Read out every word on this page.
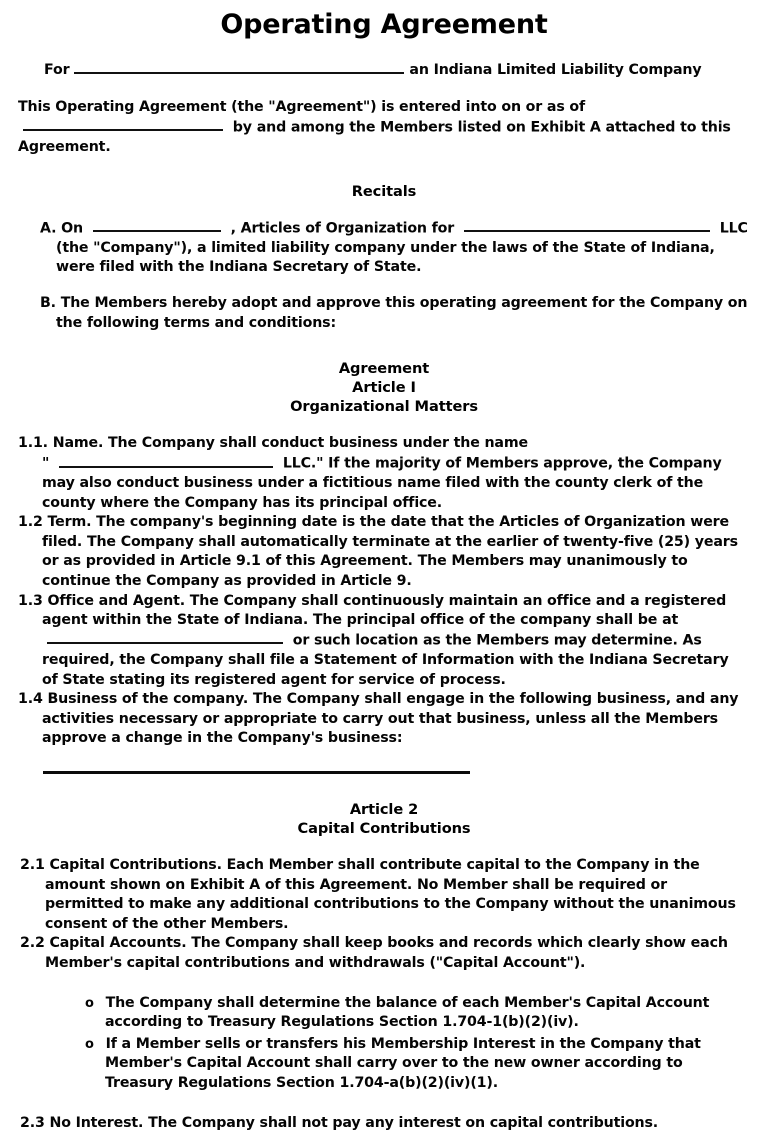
Operating Agreement
For	an Indiana Limited Liability Company
This Operating Agreement (the "Agreement") is entered into on or as of
by and among the Members listed on Exhibit A attached to this
Agreement.
Recitals
A. On	, Articles of Organization for	LLC (the "Company"), a limited liability company under the laws of the State of Indiana, were filed with the Indiana Secretary of State.
B. The Members hereby adopt and approve this operating agreement for the Company on the following terms and conditions:
Agreement
Article I
Organizational Matters
1.1. Name. The Company shall conduct business under the name
"	LLC." If the majority of Members approve, the Company may also conduct business under a fictitious name filed with the county clerk of the county where the Company has its principal office.
1.2 Term. The company's beginning date is the date that the Articles of Organization were filed. The Company shall automatically terminate at the earlier of twenty-five (25) years or as provided in Article 9.1 of this Agreement. The Members may unanimously to continue the Company as provided in Article 9.
1.3 Office and Agent. The Company shall continuously maintain an office and a registered agent within the State of Indiana. The principal office of the company shall be at  or such location as the Members may determine. As required, the Company shall file a Statement of Information with the Indiana Secretary of State stating its registered agent for service of process.
1.4 Business of the company. The Company shall engage in the following business, and any activities necessary or appropriate to carry out that business, unless all the Members approve a change in the Company's business:
Article 2
Capital Contributions
2.1 Capital Contributions. Each Member shall contribute capital to the Company in the amount shown on Exhibit A of this Agreement. No Member shall be required or permitted to make any additional contributions to the Company without the unanimous consent of the other Members.
2.2 Capital Accounts. The Company shall keep books and records which clearly show each Member's capital contributions and withdrawals ("Capital Account").
o The Company shall determine the balance of each Member's Capital Account according to Treasury Regulations Section 1.704-1(b)(2)(iv).
o If a Member sells or transfers his Membership Interest in the Company that Member's Capital Account shall carry over to the new owner according to Treasury Regulations Section 1.704-a(b)(2)(iv)(1).
2.3 No Interest. The Company shall not pay any interest on capital contributions.
